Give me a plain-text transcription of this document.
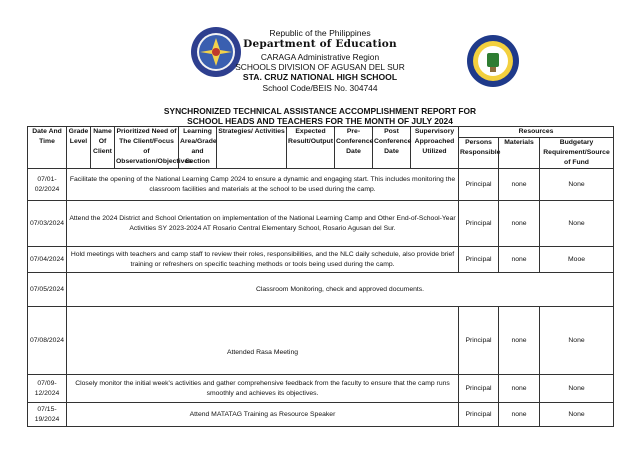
Republic of the Philippines
Department of Education
CARAGA Administrative Region
SCHOOLS DIVISION OF AGUSAN DEL SUR
STA. CRUZ NATIONAL HIGH SCHOOL
School Code/BEIS No. 304744
SYNCHRONIZED TECHNICAL ASSISTANCE ACCOMPLISHMENT REPORT FOR
SCHOOL HEADS AND TEACHERS FOR THE MONTH OF JULY 2024
Date And Time	Grade Level	Name Of Client	Prioritized Need of The Client/Focus of Observation/Objectives	Learning Area/Grade and Section	Strategies/ Activities	Expected Result/Output	Pre-Conference Date	Post Conference Date	Supervisory Approached Utilized	Resources		
										Persons Responsible	Materials	Budgetary Requirement/Source of Fund
07/01-02/2024	Facilitate the opening of the National Learning Camp 2024 to ensure a dynamic and engaging start. This includes monitoring the classroom facilities and materials at the school to be used during the camp.									Principal	none	None
07/03/2024	Attend the 2024 District and School Orientation on implementation of the National Learning Camp and Other End-of-School-Year Activities SY 2023-2024 AT Rosario Central Elementary School, Rosario Agusan del Sur.									Principal	none	None
07/04/2024	Hold meetings with teachers and camp staff to review their roles, responsibilities, and the NLC daily schedule, also provide brief training or refreshers on specific teaching methods or tools being used during the camp.									Principal	none	Mooe
07/05/2024	Classroom Monitoring, check and approved documents.											
07/08/2024	Attended Rasa Meeting									Principal	none	None
07/09-12/2024	Closely monitor the initial week's activities and gather comprehensive feedback from the faculty to ensure that the camp runs smoothly and achieves its objectives.									Principal	none	None
07/15-19/2024	Attend MATATAG Training as Resource Speaker									Principal	none	None
